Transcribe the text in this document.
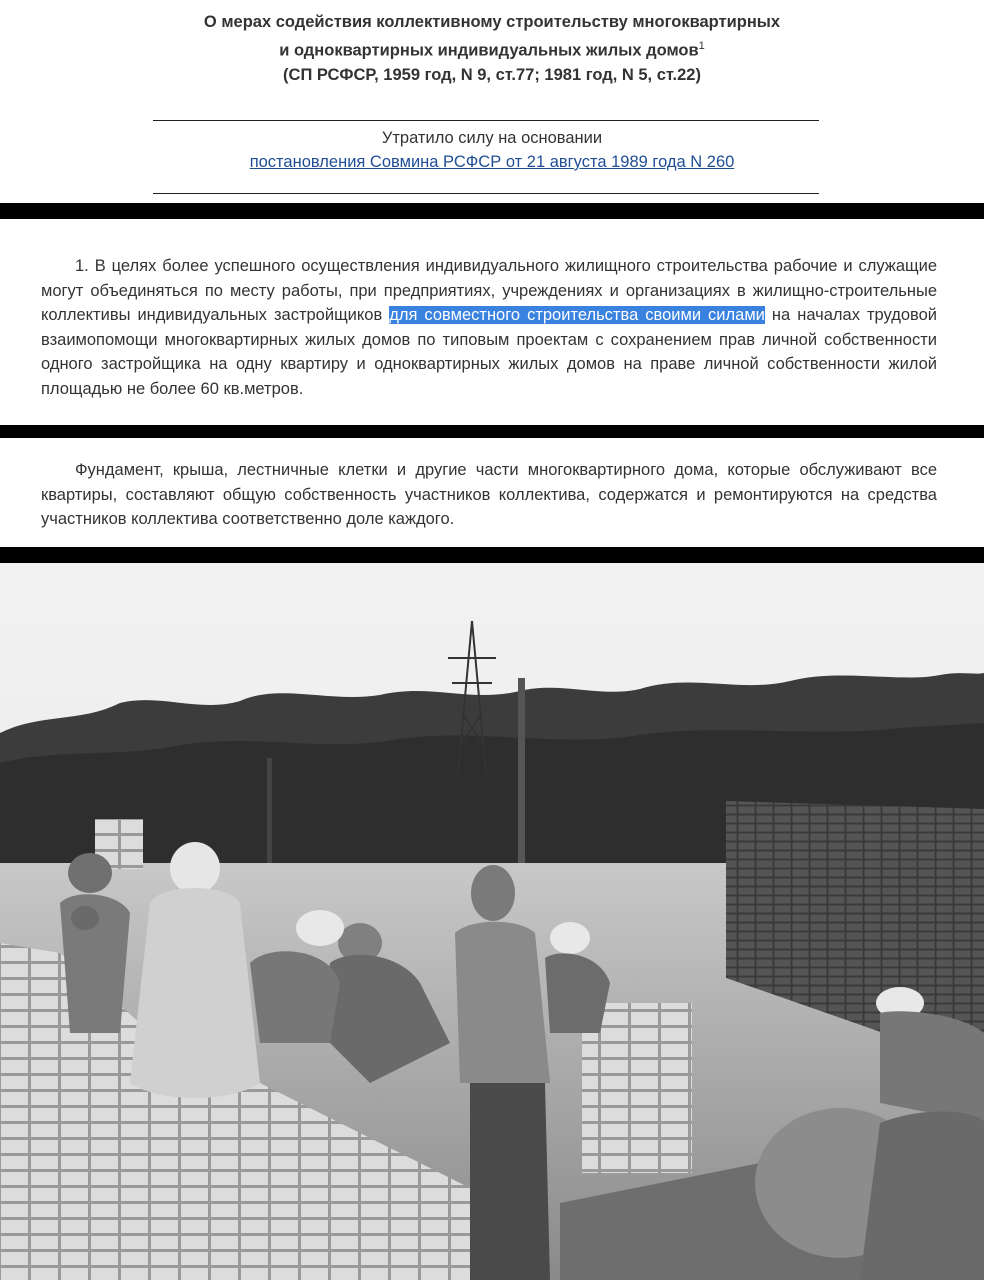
О мерах содействия коллективному строительству многоквартирных
и одноквартирных индивидуальных жилых домов$^1$
(СП РСФСР, 1959 год, N 9, ст.77; 1981 год, N 5, ст.22)
Утратило силу на основании
постановления Совмина РСФСР от 21 августа 1989 года N 260
1. В целях более успешного осуществления индивидуального жилищного строительства рабочие и служащие могут объединяться по месту работы, при предприятиях, учреждениях и организациях в жилищно-строительные коллективы индивидуальных застройщиков для совместного строительства своими силами на началах трудовой взаимопомощи многоквартирных жилых домов по типовым проектам с сохранением прав личной собственности одного застройщика на одну квартиру и одноквартирных жилых домов на праве личной собственности жилой площадью не более 60 кв.метров.
Фундамент, крыша, лестничные клетки и другие части многоквартирного дома, которые обслуживают все квартиры, составляют общую собственность участников коллектива, содержатся и ремонтируются на средства участников коллектива соответственно доле каждого.
